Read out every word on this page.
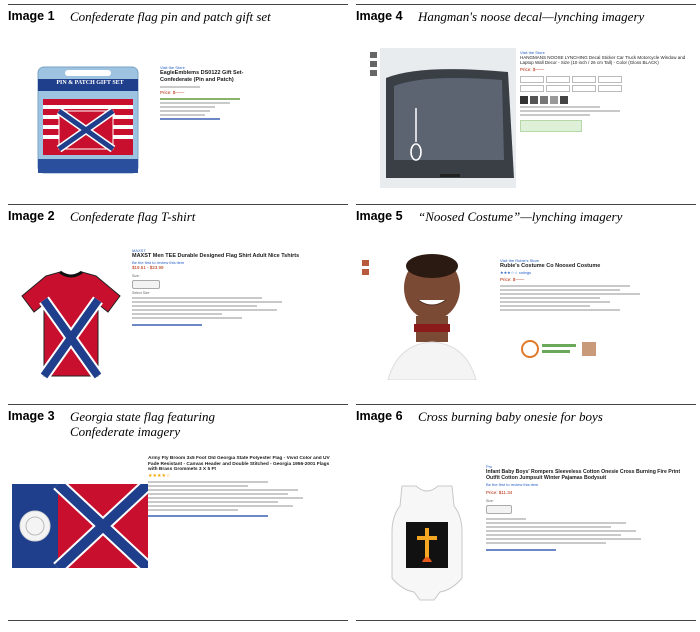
Image 1	Confederate flag pin and patch gift set
PIN & PATCH GIFT SET
Visit the Store
EagleEmblems DS0122 Gift Set-Confederate (Pin and Patch)
Price: $——
Image 2	Confederate flag T-shirt
MAXST
MAXST Men TEE Durable Designed Flag Shirt Adult Nice Tshirts
Be the first to review this item
$19.51 - $23.99
Size:
Select Size
Image 3	Georgia state flag featuring Confederate imagery
Army Fly Broom 3x5 Foot Old Georgia State Polyester Flag - Vivid Color and UV Fade Resistant - Canvas Header and Double Stitched - Georgia 1956-2001 Flags with Brass Grommets 3 X 5 Ft
★★★★☆
Image 4	Hangman's noose decal—lynching imagery
Visit the Store
HANGMANS NOOSE LYNCHING Decal Sticker Car Truck Motorcycle Window and Laptop Wall Decor - Size (10 inch / 26 cm Tall) - Color (Gloss BLACK)
Price: $——
Image 5	“Noosed Costume”—lynching imagery
Visit the Rubie's Store
Rubie's Costume Co Noosed Costume
★★★☆☆ ratings
Price: $——
Image 6	Cross burning baby onesie for boys
Pru
Infant Baby Boys' Rompers Sleeveless Cotton Onesie Cross Burning Fire Print Outfit Cotton Jumpsuit Winter Pajamas Bodysuit
Be the first to review this item
Price: $11.34
Size:
